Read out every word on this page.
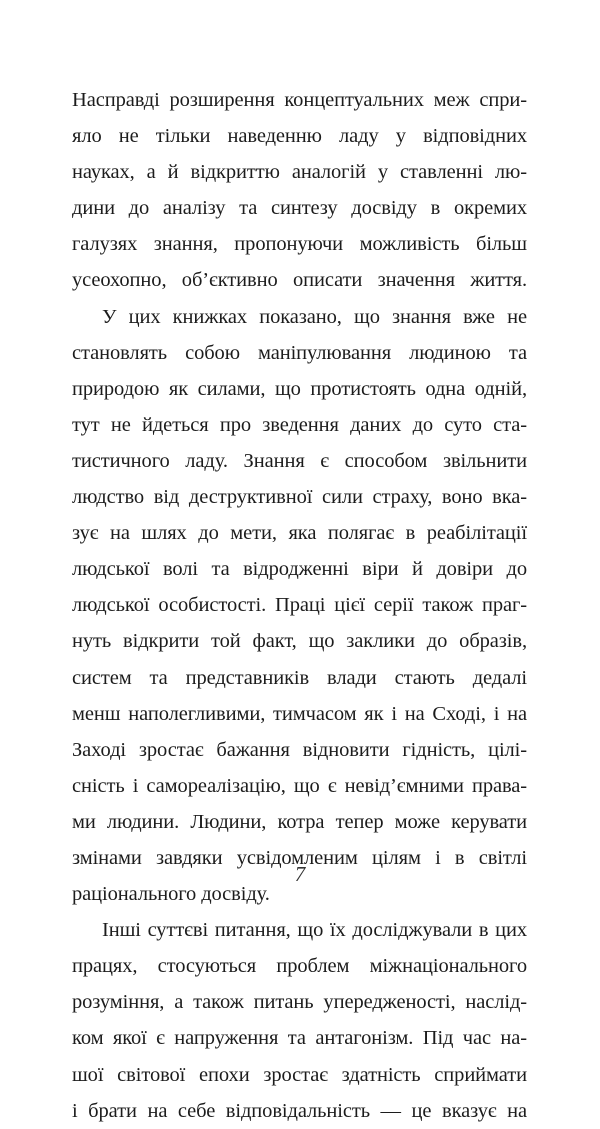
Насправді розширення концептуальних меж спри-
яло не тільки наведенню ладу у відповідних
науках, а й відкриттю аналогій у ставленні лю-
дини до аналізу та синтезу досвіду в окремих
галузях знання, пропонуючи можливість більш
усеохопно, об’єктивно описати значення життя.
У цих книжках показано, що знання вже не
становлять собою маніпулювання людиною та
природою як силами, що протистоять одна одній,
тут не йдеться про зведення даних до суто ста-
тистичного ладу. Знання є способом звільнити
людство від деструктивної сили страху, воно вка-
зує на шлях до мети, яка полягає в реабілітації
людської волі та відродженні віри й довіри до
людської особистості. Праці цієї серії також праг-
нуть відкрити той факт, що заклики до образів,
систем та представників влади стають дедалі
менш наполегливими, тимчасом як і на Сході, і на
Заході зростає бажання відновити гідність, цілі-
сність і самореалізацію, що є невід’ємними права-
ми людини. Людини, котра тепер може керувати
змінами завдяки усвідомленим цілям і в світлі
раціонального досвіду.
Інші суттєві питання, що їх досліджували в цих
працях, стосуються проблем міжнаціонального
розуміння, а також питань упередженості, наслід-
ком якої є напруження та антагонізм. Під час на-
шої світової епохи зростає здатність сприймати
і брати на себе відповідальність — це вказує на
7
